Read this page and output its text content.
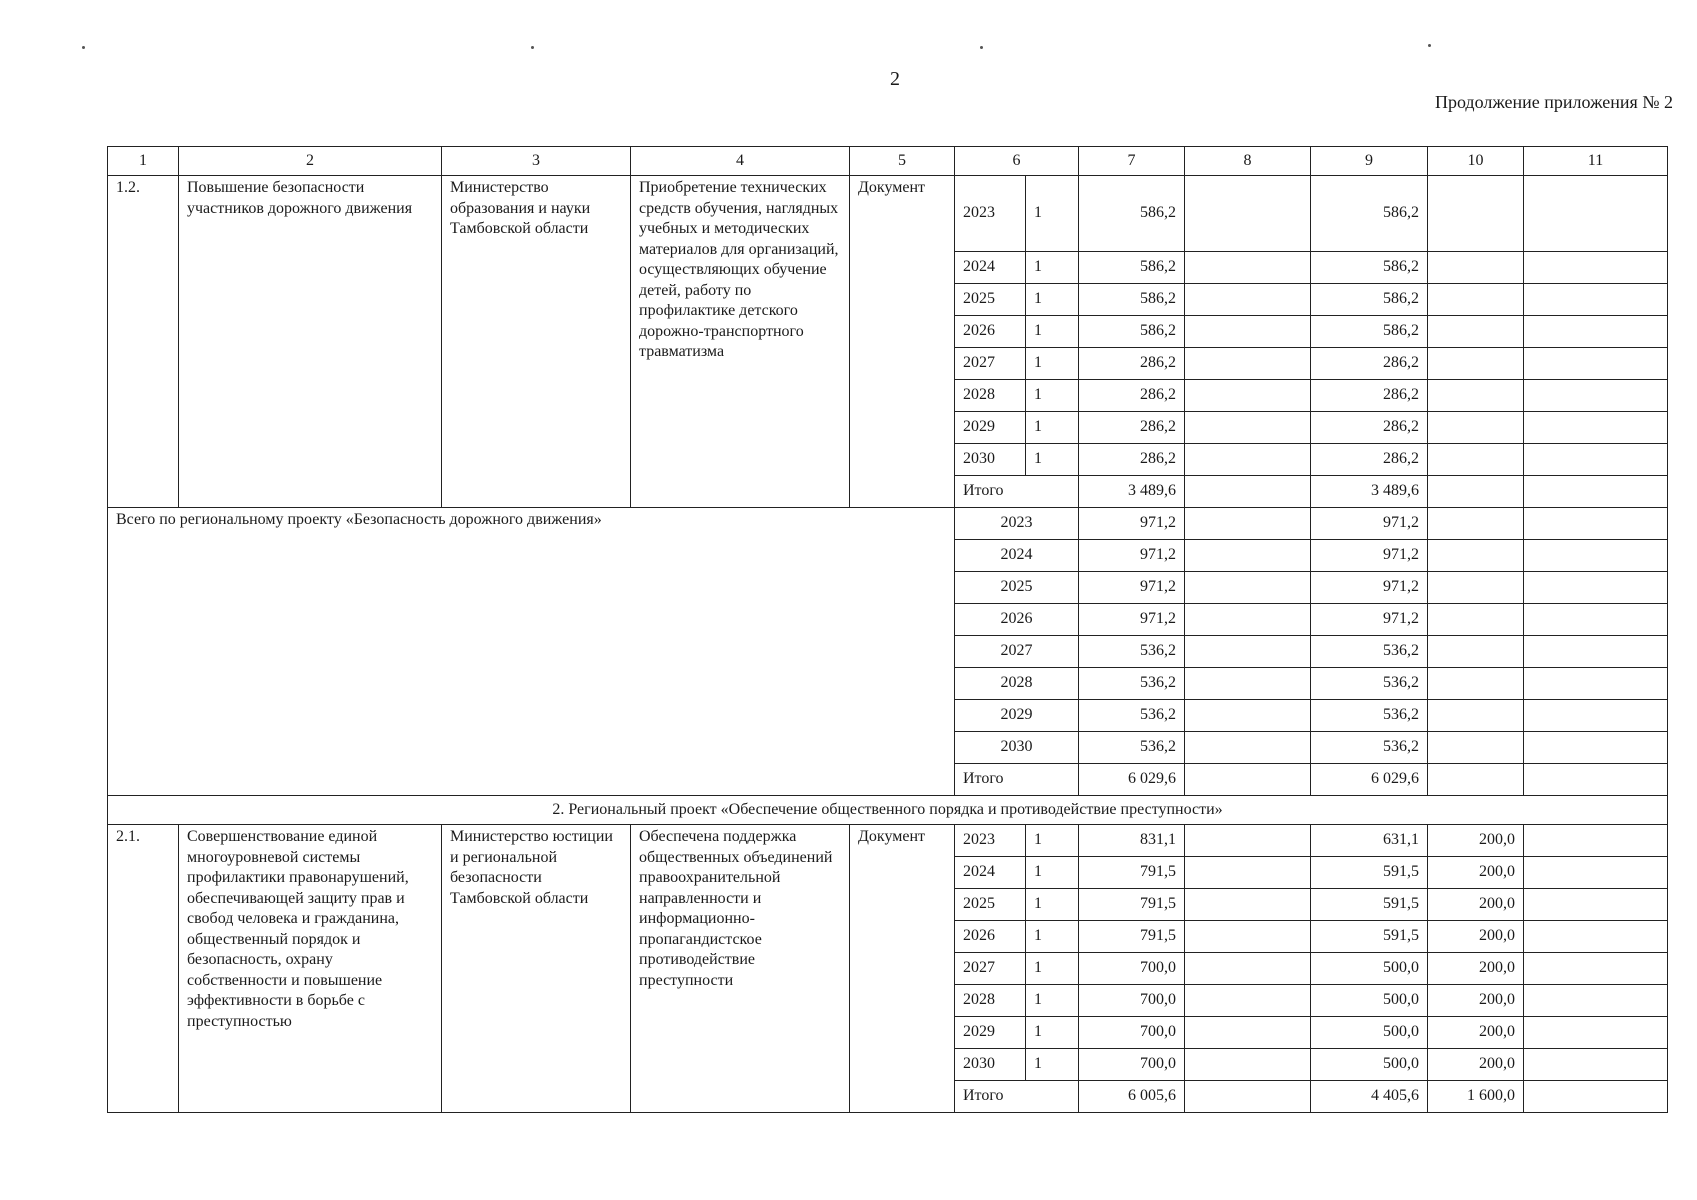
2
Продолжение приложения № 2
1	2	3	4	5	6		7	8	9	10	11
1.2.	Повышение безопасности участников дорожного движения	Министерство образования и науки Тамбовской области	Приобретение технических средств обучения, наглядных учебных и методических материалов для организаций, осуществляющих обучение детей, работу по профилактике детского дорожно-транспортного травматизма	Документ	2023	1	586,2		586,2		
					2024	1	586,2		586,2		
					2025	1	586,2		586,2		
					2026	1	586,2		586,2		
					2027	1	286,2		286,2		
					2028	1	286,2		286,2		
					2029	1	286,2		286,2		
					2030	1	286,2		286,2		
					Итого		3 489,6		3 489,6		
Всего по региональному проекту «Безопасность дорожного движения»					2023		971,2		971,2		
					2024		971,2		971,2		
					2025		971,2		971,2		
					2026		971,2		971,2		
					2027		536,2		536,2		
					2028		536,2		536,2		
					2029		536,2		536,2		
					2030		536,2		536,2		
					Итого		6 029,6		6 029,6		
2. Региональный проект «Обеспечение общественного порядка и противодействие преступности»											
2.1.	Совершенствование единой многоуровневой системы профилактики правонарушений, обеспечивающей защиту прав и свобод человека и гражданина, общественный порядок и безопасность, охрану собственности и повышение эффективности в борьбе с преступностью	Министерство юстиции и региональной безопасности Тамбовской области	Обеспечена поддержка общественных объединений правоохранительной направленности и информационно-пропагандистское противодействие преступности	Документ	2023	1	831,1		631,1	200,0	
					2024	1	791,5		591,5	200,0	
					2025	1	791,5		591,5	200,0	
					2026	1	791,5		591,5	200,0	
					2027	1	700,0		500,0	200,0	
					2028	1	700,0		500,0	200,0	
					2029	1	700,0		500,0	200,0	
					2030	1	700,0		500,0	200,0	
					Итого		6 005,6		4 405,6	1 600,0	
